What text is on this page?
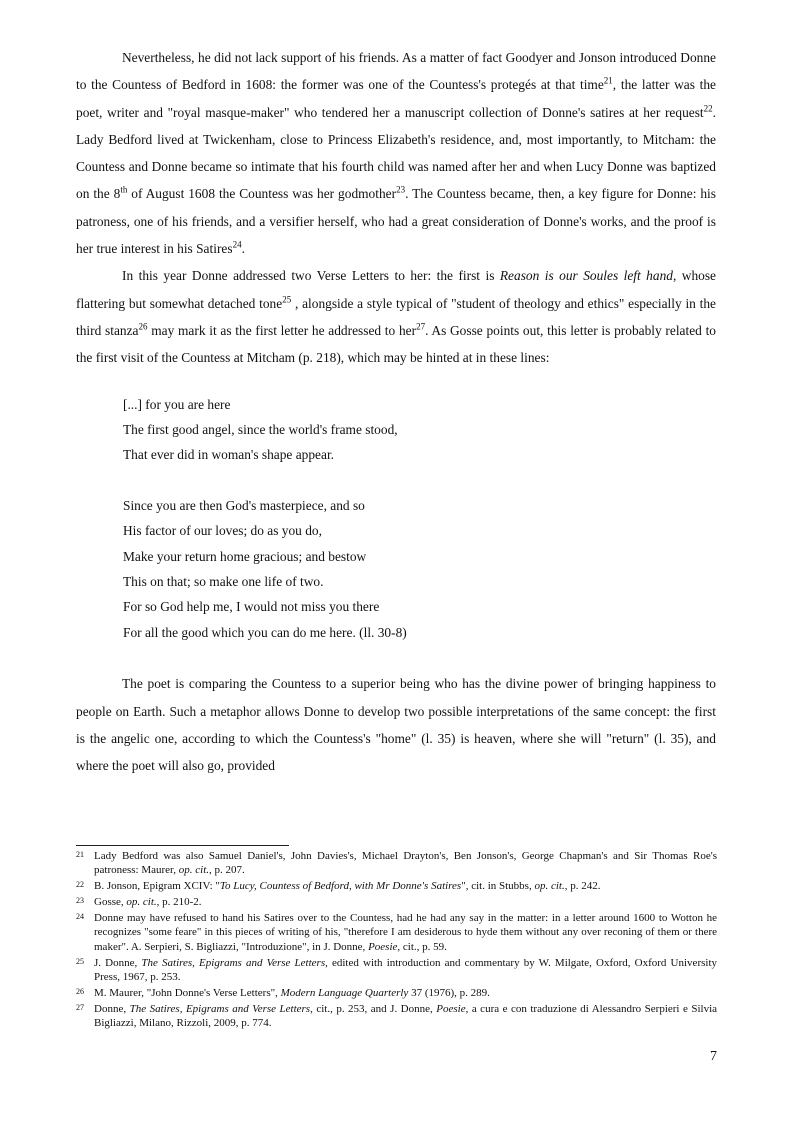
Nevertheless, he did not lack support of his friends. As a matter of fact Goodyer and Jonson introduced Donne to the Countess of Bedford in 1608: the former was one of the Countess's protegés at that time$^{21}$, the latter was the poet, writer and "royal masque-maker" who tendered her a manuscript collection of Donne's satires at her request$^{22}$. Lady Bedford lived at Twickenham, close to Princess Elizabeth's residence, and, most importantly, to Mitcham: the Countess and Donne became so intimate that his fourth child was named after her and when Lucy Donne was baptized on the 8th of August 1608 the Countess was her godmother$^{23}$. The Countess became, then, a key figure for Donne: his patroness, one of his friends, and a versifier herself, who had a great consideration of Donne's works, and the proof is her true interest in his Satires$^{24}$.

In this year Donne addressed two Verse Letters to her: the first is Reason is our Soules left hand, whose flattering but somewhat detached tone$^{25}$ , alongside a style typical of "student of theology and ethics" especially in the third stanza$^{26}$ may mark it as the first letter he addressed to her$^{27}$. As Gosse points out, this letter is probably related to the first visit of the Countess at Mitcham (p. 218), which may be hinted at in these lines:

[...] for you are here
The first good angel, since the world's frame stood,
That ever did in woman's shape appear.
Since you are then God's masterpiece, and so
His factor of our loves; do as you do,
Make your return home gracious; and bestow
This on that; so make one life of two.
For so God help me, I would not miss you there
For all the good which you can do me here. (ll. 30-8)

The poet is comparing the Countess to a superior being who has the divine power of bringing happiness to people on Earth. Such a metaphor allows Donne to develop two possible interpretations of the same concept: the first is the angelic one, according to which the Countess's "home" (l. 35) is heaven, where she will "return" (l. 35), and where the poet will also go, provided

21 Lady Bedford was also Samuel Daniel's, John Davies's, Michael Drayton's, Ben Jonson's, George Chapman's and Sir Thomas Roe's patroness: Maurer, op. cit., p. 207.

22 B. Jonson, Epigram XCIV: "To Lucy, Countess of Bedford, with Mr Donne's Satires", cit. in Stubbs, op. cit., p. 242.

23 Gosse, op. cit., p. 210-2.

24 Donne may have refused to hand his Satires over to the Countess, had he had any say in the matter: in a letter around 1600 to Wotton he recognizes "some feare" in this pieces of writing of his, "therefore I am desiderous to hyde them without any over reconing of them or there maker". A. Serpieri, S. Bigliazzi, "Introduzione", in J. Donne, Poesie, cit., p. 59.

25 J. Donne, The Satires, Epigrams and Verse Letters, edited with introduction and commentary by W. Milgate, Oxford, Oxford University Press, 1967, p. 253.

26 M. Maurer, "John Donne's Verse Letters", Modern Language Quarterly 37 (1976), p. 289.

27 Donne, The Satires, Epigrams and Verse Letters, cit., p. 253, and J. Donne, Poesie, a cura e con traduzione di Alessandro Serpieri e Silvia Bigliazzi, Milano, Rizzoli, 2009, p. 774.

7
